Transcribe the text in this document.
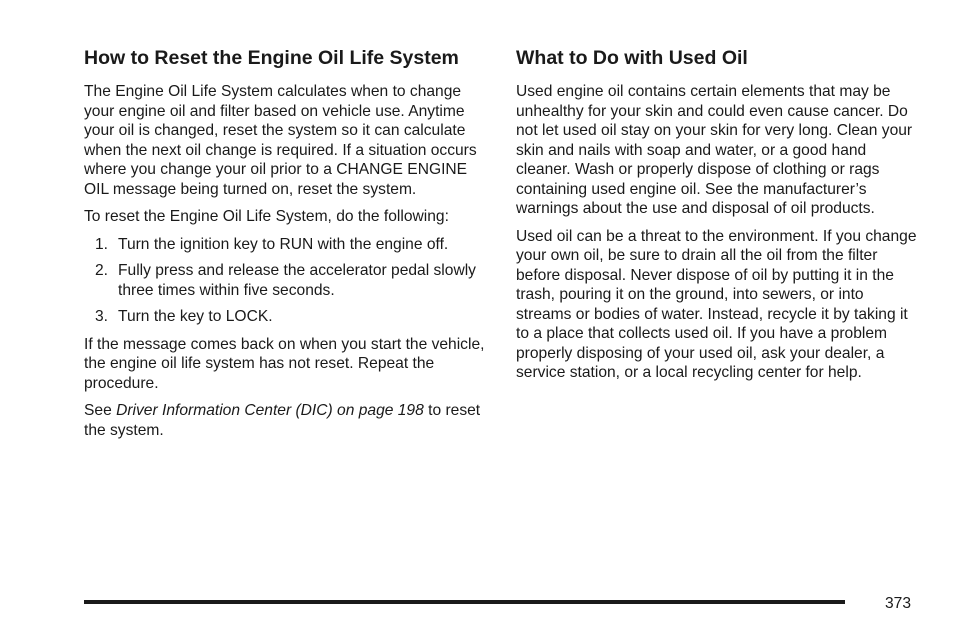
How to Reset the Engine Oil Life System

The Engine Oil Life System calculates when to change your engine oil and filter based on vehicle use. Anytime your oil is changed, reset the system so it can calculate when the next oil change is required. If a situation occurs where you change your oil prior to a CHANGE ENGINE OIL message being turned on, reset the system.

To reset the Engine Oil Life System, do the following:

1. Turn the ignition key to RUN with the engine off.
2. Fully press and release the accelerator pedal slowly three times within five seconds.
3. Turn the key to LOCK.

If the message comes back on when you start the vehicle, the engine oil life system has not reset. Repeat the procedure.

See Driver Information Center (DIC) on page 198 to reset the system.

What to Do with Used Oil

Used engine oil contains certain elements that may be unhealthy for your skin and could even cause cancer. Do not let used oil stay on your skin for very long. Clean your skin and nails with soap and water, or a good hand cleaner. Wash or properly dispose of clothing or rags containing used engine oil. See the manufacturer’s warnings about the use and disposal of oil products.

Used oil can be a threat to the environment. If you change your own oil, be sure to drain all the oil from the filter before disposal. Never dispose of oil by putting it in the trash, pouring it on the ground, into sewers, or into streams or bodies of water. Instead, recycle it by taking it to a place that collects used oil. If you have a problem properly disposing of your used oil, ask your dealer, a service station, or a local recycling center for help.

373
